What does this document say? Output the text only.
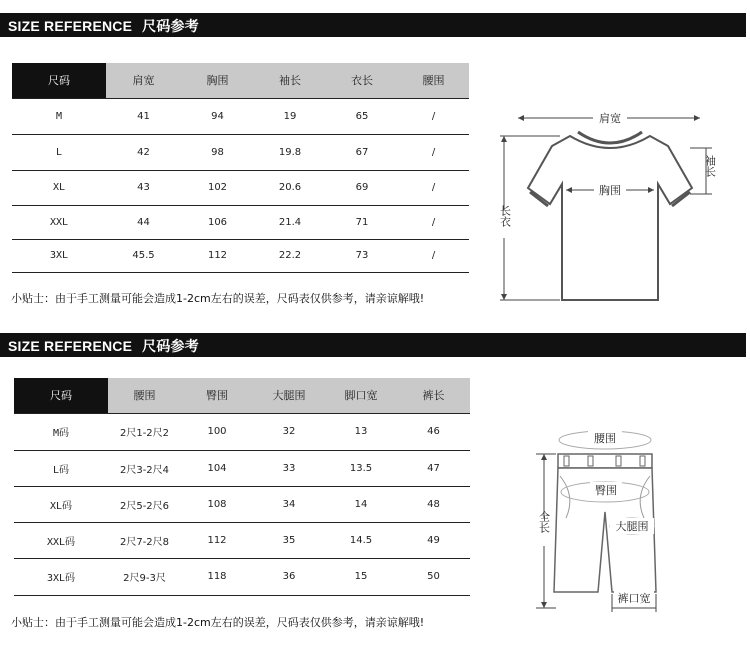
SIZE REFERENCE 尺码参考
尺码	肩宽	胸围	袖长	衣长	腰围
M	41	94	19	65	/
L	42	98	19.8	67	/
XL	43	102	20.6	69	/
XXL	44	106	21.4	71	/
3XL	45.5	112	22.2	73	/
小贴士：由于手工测量可能会造成1-2cm左右的误差，尺码表仅供参考，请亲谅解哦!
肩宽
胸围
袖长
长衣
SIZE REFERENCE 尺码参考
尺码	腰围	臀围	大腿围	脚口宽	裤长
M码	2尺1-2尺2	100	32	13	46
L码	2尺3-2尺4	104	33	13.5	47
XL码	2尺5-2尺6	108	34	14	48
XXL码	2尺7-2尺8	112	35	14.5	49
3XL码	2尺9-3尺	118	36	15	50
小贴士：由于手工测量可能会造成1-2cm左右的误差，尺码表仅供参考，请亲谅解哦!
腰围
臀围
大腿围
全长
裤口宽
